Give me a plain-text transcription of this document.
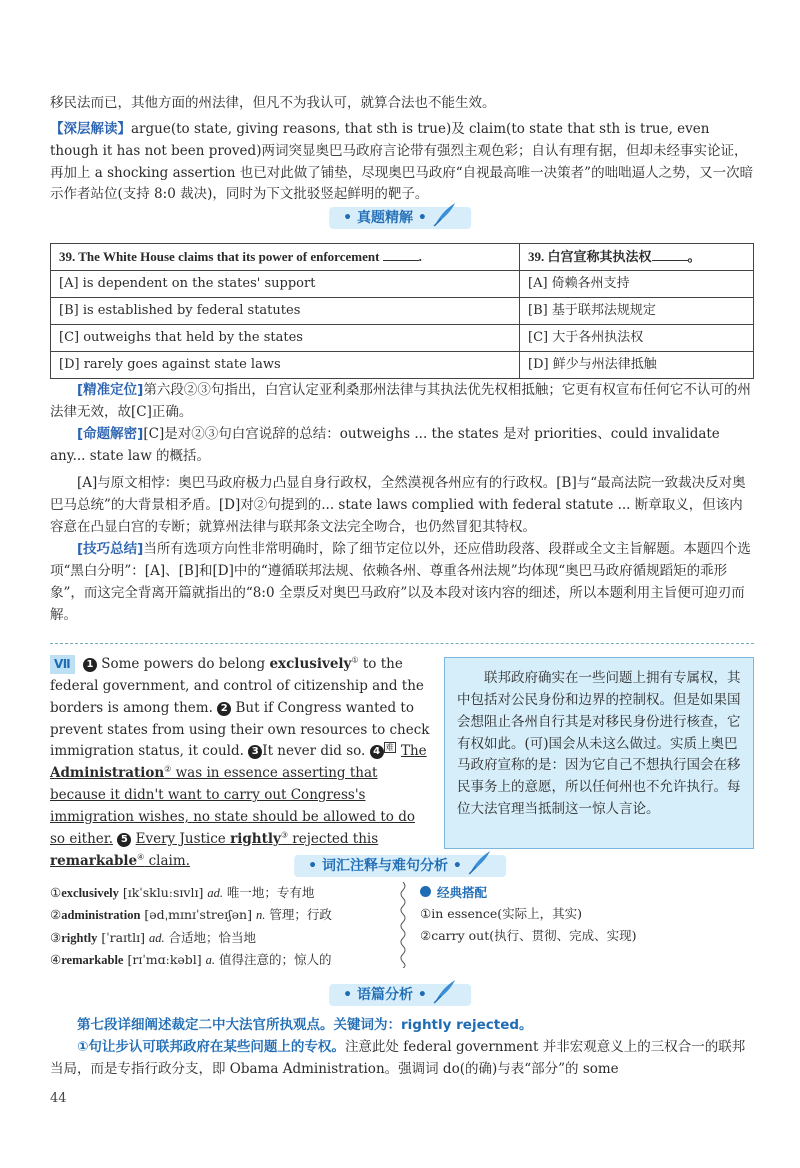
移民法而已，其他方面的州法律，但凡不为我认可，就算合法也不能生效。

【深层解读】argue(to state, giving reasons, that sth is true)及 claim(to state that sth is true, even though it has not been proved)两词突显奥巴马政府言论带有强烈主观色彩；自认有理有据，但却未经事实论证，再加上 a shocking assertion 也已对此做了铺垫，尽现奥巴马政府“自视最高唯一决策者”的咄咄逼人之势，又一次暗示作者站位(支持 8:0 裁决)，同时为下文批驳竖起鲜明的靶子。

• 真题精解 •
39. The White House claims that its power of enforcement .	39. 白宫宣称其执法权 。
[A] is dependent on the states' support	[A] 倚赖各州支持
[B] is established by federal statutes	[B] 基于联邦法规规定
[C] outweighs that held by the states	[C] 大于各州执法权
[D] rarely goes against state laws	[D] 鲜少与州法律抵触

[精准定位]第六段②③句指出，白宫认定亚利桑那州法律与其执法优先权相抵触；它更有权宣布任何它不认可的州法律无效，故[C]正确。

[命题解密][C]是对②③句白宫说辞的总结：outweighs ... the states 是对 priorities、could invalidate any... state law 的概括。

[A]与原文相悖：奥巴马政府极力凸显自身行政权，全然漠视各州应有的行政权。[B]与“最高法院一致裁决反对奥巴马总统”的大背景相矛盾。[D]对②句提到的... state laws complied with federal statute ... 断章取义，但该内容意在凸显白宫的专断；就算州法律与联邦条文法完全吻合，也仍然冒犯其特权。

[技巧总结]当所有选项方向性非常明确时，除了细节定位以外，还应借助段落、段群或全文主旨解题。本题四个选项“黑白分明”：[A]、[B]和[D]中的“遵循联邦法规、依赖各州、尊重各州法规”均体现“奥巴马政府循规蹈矩的乖形象”，而这完全背离开篇就指出的“8:0 全票反对奥巴马政府”以及本段对该内容的细述，所以本题利用主旨便可迎刃而解。

Ⅶ 1 Some powers do belong exclusively① to the federal government, and control of citizenship and the borders is among them. 2 But if Congress wanted to prevent states from using their own resources to check immigration status, it could. 3 It never did so. 4 难 The Administration② was in essence asserting that because it didn't want to carry out Congress's immigration wishes, no state should be allowed to do so either. 5 Every Justice rightly③ rejected this remarkable④ claim.
联邦政府确实在一些问题上拥有专属权，其中包括对公民身份和边界的控制权。但是如果国会想阻止各州自行其是对移民身份进行核查，它有权如此。(可)国会从未这么做过。实质上奥巴马政府宣称的是：因为它自己不想执行国会在移民事务上的意愿，所以任何州也不允许执行。每位大法官理当抵制这一惊人言论。
• 词汇注释与难句分析 •
①exclusively [ɪkˈskluːsɪvlɪ] ad. 唯一地；专有地
②administration [ədˌmɪnɪˈstreɪʃən] n. 管理；行政
③rightly [ˈraɪtlɪ] ad. 合适地；恰当地
④remarkable [rɪˈmɑːkəbl] a. 值得注意的；惊人的
经典搭配
①in essence(实际上，其实)
②carry out(执行、贯彻、完成、实现)
• 语篇分析 •

第七段详细阐述裁定二中大法官所执观点。关键词为：rightly rejected。

①句让步认可联邦政府在某些问题上的专权。注意此处 federal government 并非宏观意义上的三权合一的联邦当局，而是专指行政分支，即 Obama Administration。强调词 do(的确)与表“部分”的 some

44
